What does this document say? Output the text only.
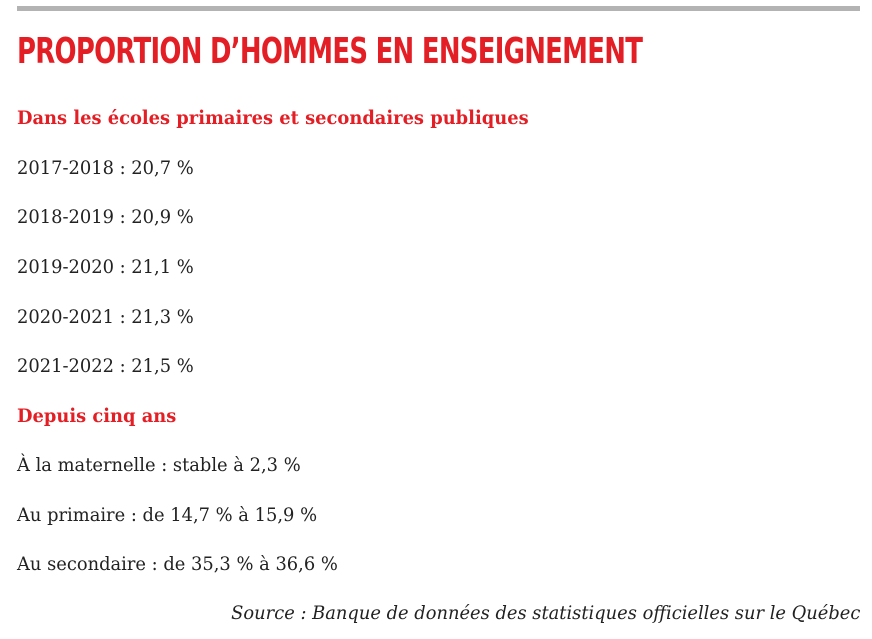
PROPORTION D’HOMMES EN ENSEIGNEMENT
Dans les écoles primaires et secondaires publiques

2017-2018 : 20,7 %

2018-2019 : 20,9 %

2019-2020 : 21,1 %

2020-2021 : 21,3 %

2021-2022 : 21,5 %

Depuis cinq ans

À la maternelle : stable à 2,3 %

Au primaire : de 14,7 % à 15,9 %

Au secondaire : de 35,3 % à 36,6 %

Source : Banque de données des statistiques officielles sur le Québec
